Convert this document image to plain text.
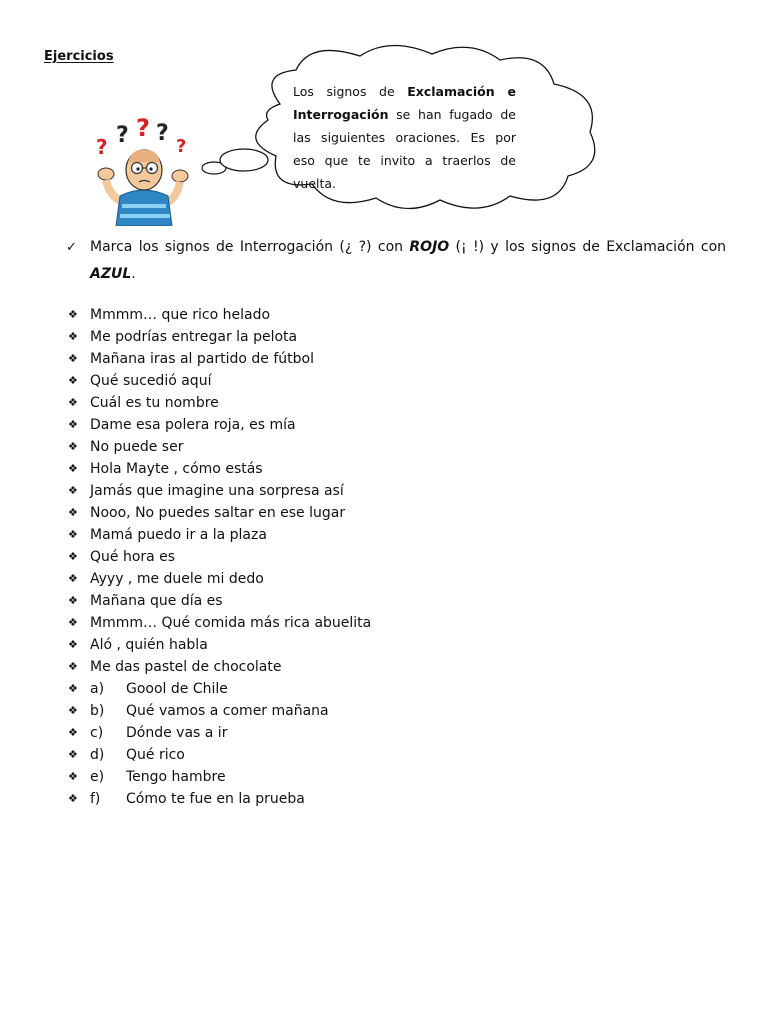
Ejercicios
? ? ? ?
?
Los signos de Exclamación e Interrogación se han fugado de las siguientes oraciones. Es por eso que te invito a traerlos de vuelta.
✓ Marca los signos de Interrogación (¿ ?) con ROJO (¡ !) y los signos de Exclamación con AZUL.
❖ Mmmm… que rico helado
❖ Me podrías entregar la pelota
❖ Mañana iras al partido de fútbol
❖ Qué sucedió aquí
❖ Cuál es tu nombre
❖ Dame esa polera roja, es mía
❖ No puede ser
❖ Hola Mayte , cómo estás
❖ Jamás que imagine una sorpresa así
❖ Nooo, No puedes saltar en ese lugar
❖ Mamá puedo ir a la plaza
❖ Qué hora es
❖ Ayyy , me duele mi dedo
❖ Mañana que día es
❖ Mmmm… Qué comida más rica abuelita
❖ Aló , quién habla
❖ Me das pastel de chocolate
❖ a) Goool de Chile
❖ b) Qué vamos a comer mañana
❖ c) Dónde vas a ir
❖ d) Qué rico
❖ e) Tengo hambre
❖ f) Cómo te fue en la prueba
